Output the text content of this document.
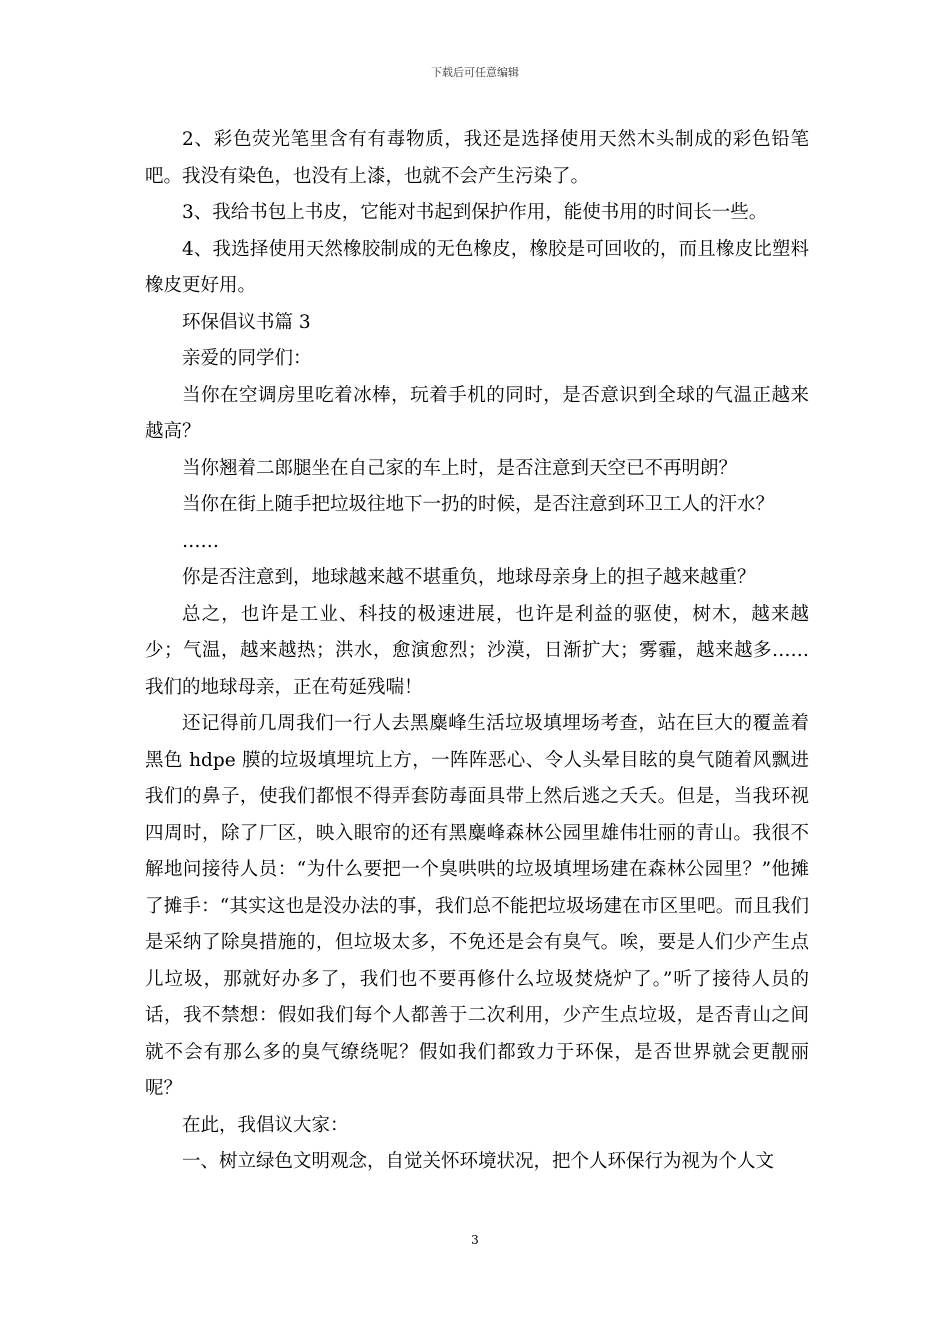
下载后可任意编辑

2、彩色荧光笔里含有有毒物质，我还是选择使用天然木头制成的彩色铅笔吧。我没有染色，也没有上漆，也就不会产生污染了。

3、我给书包上书皮，它能对书起到保护作用，能使书用的时间长一些。

4、我选择使用天然橡胶制成的无色橡皮，橡胶是可回收的，而且橡皮比塑料橡皮更好用。

环保倡议书篇 3

亲爱的同学们：

当你在空调房里吃着冰棒，玩着手机的同时，是否意识到全球的气温正越来越高？

当你翘着二郎腿坐在自己家的车上时，是否注意到天空已不再明朗？

当你在街上随手把垃圾往地下一扔的时候，是否注意到环卫工人的汗水？

……

你是否注意到，地球越来越不堪重负，地球母亲身上的担子越来越重？

总之，也许是工业、科技的极速进展，也许是利益的驱使，树木，越来越少；气温，越来越热；洪水，愈演愈烈；沙漠，日渐扩大；雾霾，越来越多……我们的地球母亲，正在苟延残喘！

还记得前几周我们一行人去黑麋峰生活垃圾填埋场考查，站在巨大的覆盖着黑色 hdpe 膜的垃圾填埋坑上方，一阵阵恶心、令人头晕目眩的臭气随着风飘进我们的鼻子，使我们都恨不得弄套防毒面具带上然后逃之夭夭。但是，当我环视四周时，除了厂区，映入眼帘的还有黑麋峰森林公园里雄伟壮丽的青山。我很不解地问接待人员：“为什么要把一个臭哄哄的垃圾填埋场建在森林公园里？”他摊了摊手：“其实这也是没办法的事，我们总不能把垃圾场建在市区里吧。而且我们是采纳了除臭措施的，但垃圾太多，不免还是会有臭气。唉，要是人们少产生点儿垃圾，那就好办多了，我们也不要再修什么垃圾焚烧炉了。”听了接待人员的话，我不禁想：假如我们每个人都善于二次利用，少产生点垃圾，是否青山之间就不会有那么多的臭气缭绕呢？假如我们都致力于环保，是否世界就会更靓丽呢？

在此，我倡议大家：

一、树立绿色文明观念，自觉关怀环境状况，把个人环保行为视为个人文

3
